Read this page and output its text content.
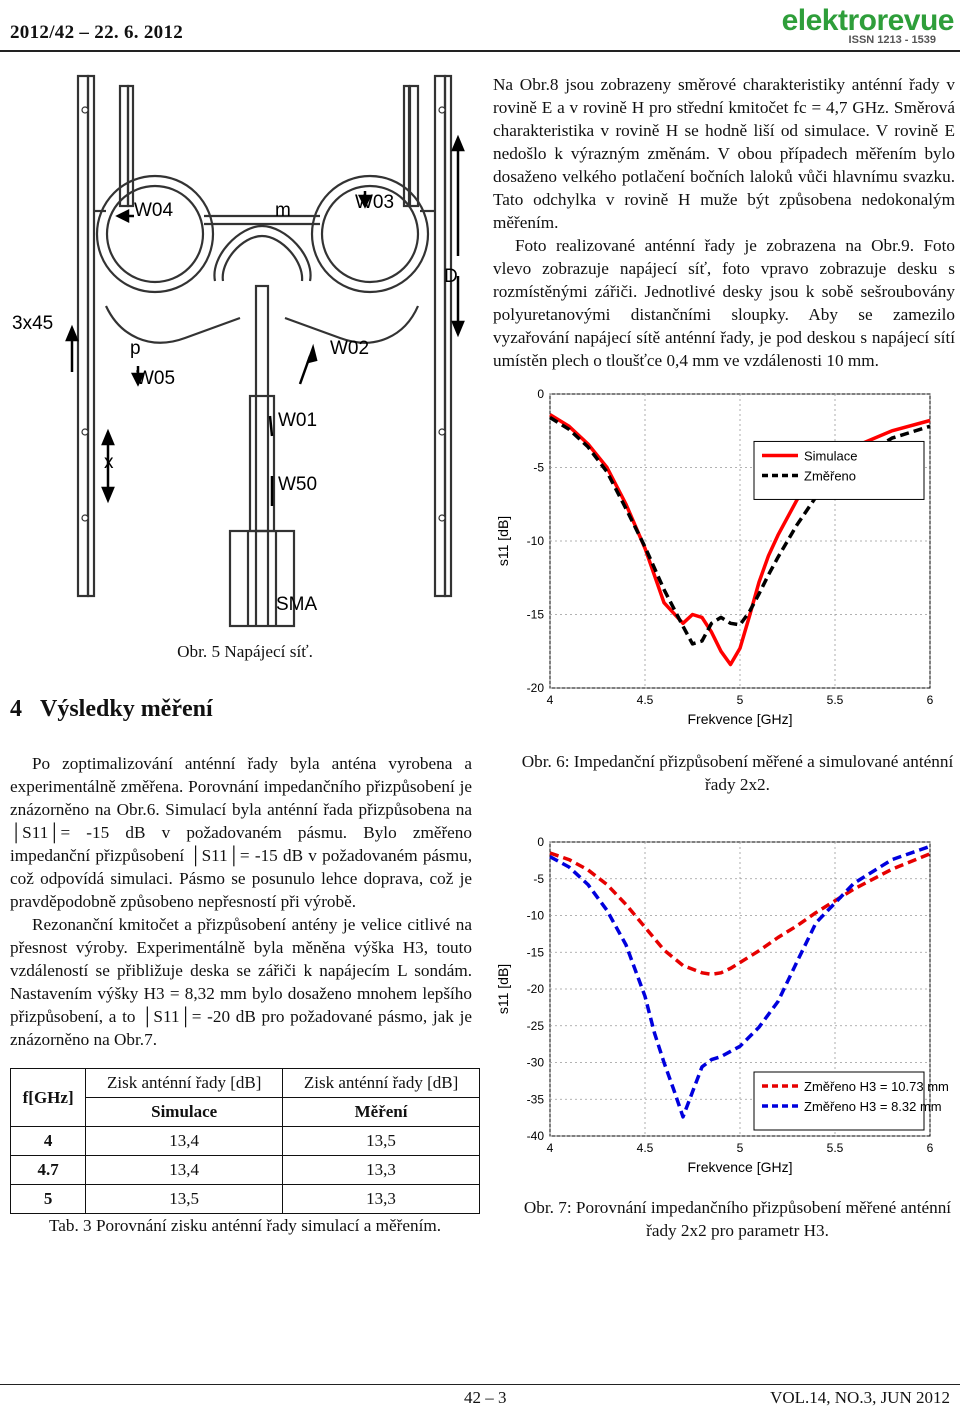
2012/42 – 22. 6. 2012	elektrorevue
ISSN 1213 - 1539

Na Obr.8 jsou zobrazeny směrové charakteristiky anténní řady v rovině E a v rovině H pro střední kmitočet fc = 4,7 GHz. Směrová charakteristika v rovině H se hodně liší od simulace. V rovině E nedošlo k výrazným změnám. V obou případech měřením bylo dosaženo velkého potlačení bočních laloků vůči hlavnímu svazku. Tato odchylka v rovině H muže být způsobena nedokonalým měřením.

Foto realizované anténní řady je zobrazena na Obr.9. Foto vlevo zobrazuje napájecí síť, foto vpravo zobrazuje desku s rozmístěnými zářiči. Jednotlivé desky jsou k sobě sešroubovány polyuretanovými distančními sloupky. Aby se zamezilo vyzařování napájecí sítě anténní řady, je pod deskou s napájecí sítí umístěn plech o tloušťce 0,4 mm ve vzdálenosti 10 mm.

W04	m	W03
D
3x45
p
W05
W02
W01
x
W50
SMA
Obr. 5 Napájecí síť.
4	4.5	5	5.5	6
0
-5
-10
-15
-20
Frekvence [GHz]
s11 [dB]
Simulace
Změřeno
Obr. 6: Impedanční přizpůsobení měřené a simulované anténní řady 2x2.
4 Výsledky měření

Po zoptimalizování anténní řady byla anténa vyrobena a experimentálně změřena. Porovnání impedančního přizpůsobení je znázorněno na Obr.6. Simulací byla anténní řada přizpůsobena na │S11│= -15 dB v požadovaném pásmu. Bylo změřeno impedanční přizpůsobení │S11│= -15 dB v požadovaném pásmu, což odpovídá simulaci. Pásmo se posunulo lehce doprava, což je pravděpodobně způsobeno nepřesností při výrobě.

Rezonanční kmitočet a přizpůsobení antény je velice citlivé na přesnost výroby. Experimentálně byla měněna výška H3, touto vzdáleností se přibližuje deska se zářiči k napájecím L sondám. Nastavením výšky H3 = 8,32 mm bylo dosaženo mnohem lepšího přizpůsobení, a to │S11│= -20 dB pro požadované pásmo, jak je znázorněno na Obr.7.

f[GHz]	Zisk anténní řady [dB]	Zisk anténní řady [dB]
	Simulace	Měření
4	13,4	13,5
4.7	13,4	13,3
5	13,5	13,3
Tab. 3 Porovnání zisku anténní řady simulací a měřením.
4	4.5	5	5.5	6
0
-5
-10
-15
-20
-25
-30
-35
-40
Frekvence [GHz]
s11 [dB]
Změřeno H3 = 10.73 mm
Změřeno H3 = 8.32 mm
Obr. 7: Porovnání impedančního přizpůsobení měřené anténní řady 2x2 pro parametr H3.
42 – 3	VOL.14, NO.3, JUN 2012
